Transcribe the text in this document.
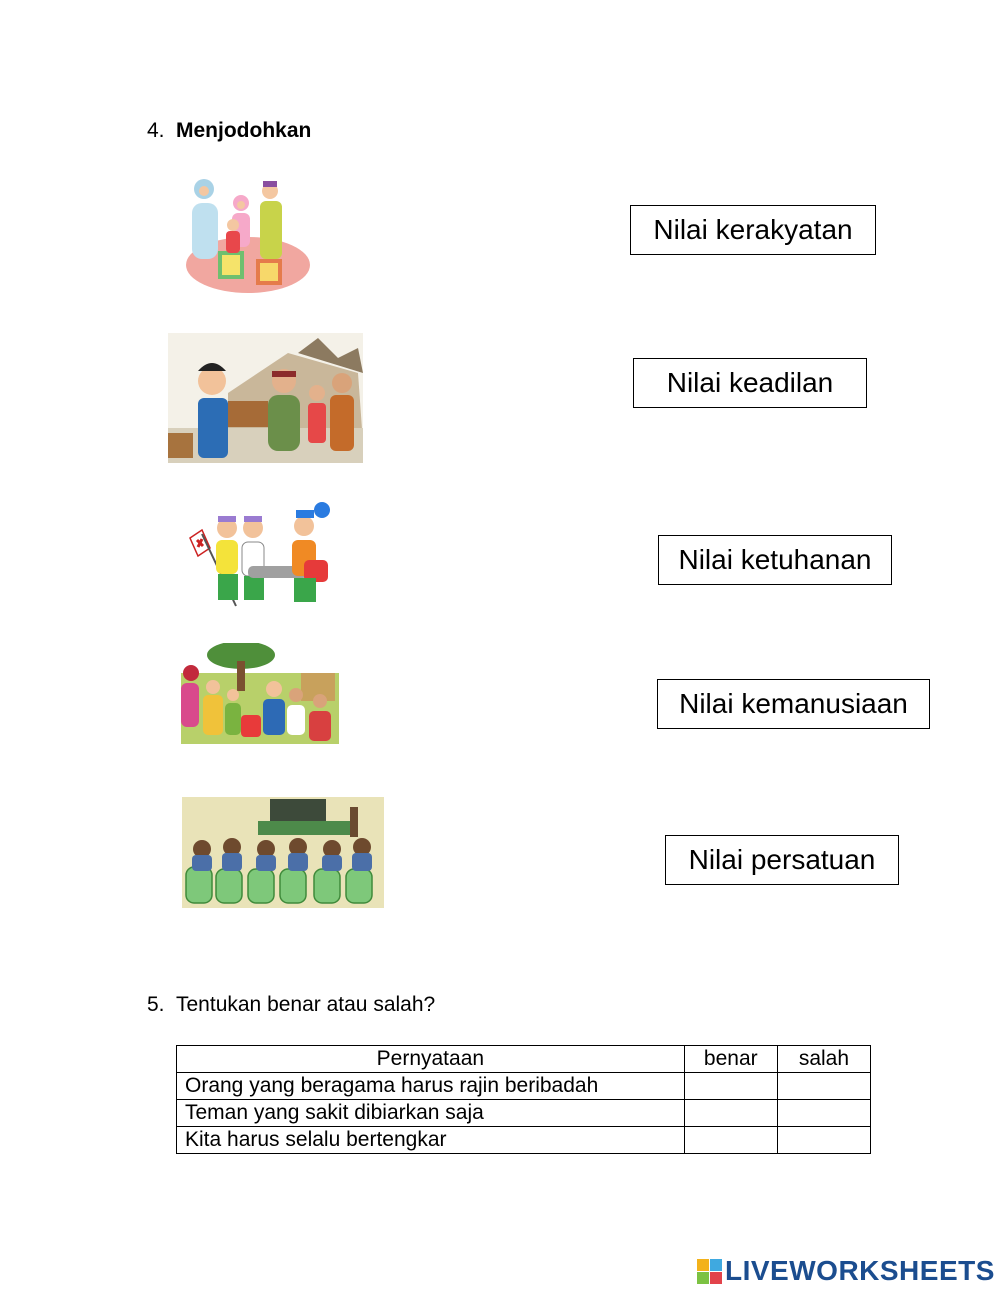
4. Menjodohkan
Nilai kerakyatan
Nilai keadilan
Nilai ketuhanan
Nilai kemanusiaan
Nilai persatuan
5. Tentukan benar atau salah?
Pernyataan	benar	salah
Orang yang beragama harus rajin beribadah		
Teman yang sakit dibiarkan saja		
Kita harus selalu bertengkar		
LIVEWORKSHEETS
